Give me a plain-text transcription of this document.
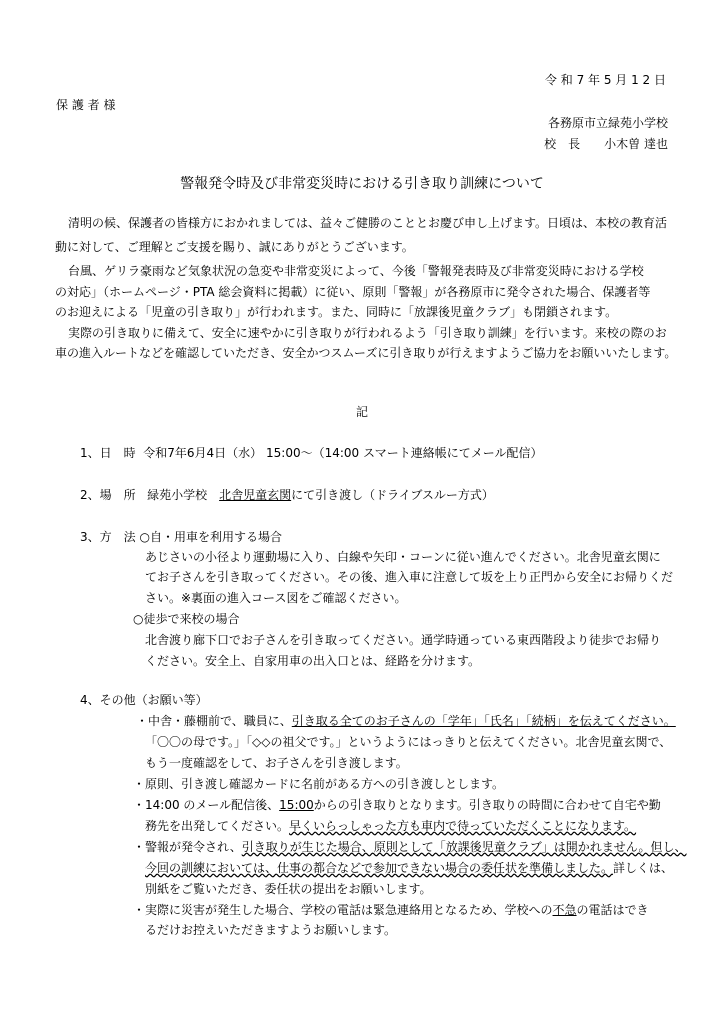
令 和 7 年 5 月 1 2 日
保 護 者 様
各務原市立緑苑小学校
校　長　　小木曽 達也
警報発令時及び非常変災時における引き取り訓練について
清明の候、保護者の皆様方におかれましては、益々ご健勝のこととお慶び申し上げます。日頃は、本校の教育活
動に対して、ご理解とご支援を賜り、誠にありがとうございます。
台風、ゲリラ豪雨など気象状況の急変や非常変災によって、今後「警報発表時及び非常変災時における学校
の対応」（ホームページ・PTA 総会資料に掲載）に従い、原則「警報」が各務原市に発令された場合、保護者等
のお迎えによる「児童の引き取り」が行われます。また、同時に「放課後児童クラブ」も閉鎖されます。
実際の引き取りに備えて、安全に速やかに引き取りが行われるよう「引き取り訓練」を行います。来校の際のお
車の進入ルートなどを確認していただき、安全かつスムーズに引き取りが行えますようご協力をお願いいたします。
記
1、日　時 令和7年6月4日（水） 15:00～（14:00 スマート連絡帳にてメール配信）
2、場　所 緑苑小学校　北舎児童玄関にて引き渡し（ドライブスルー方式）
3、方　法 ○自・用車を利用する場合
あじさいの小径より運動場に入り、白線や矢印・コーンに従い進んでください。北舎児童玄関に
てお子さんを引き取ってください。その後、進入車に注意して坂を上り正門から安全にお帰りくだ
さい。※裏面の進入コース図をご確認ください。
○徒歩で来校の場合
北舎渡り廊下口でお子さんを引き取ってください。通学時通っている東西階段より徒歩でお帰り
ください。安全上、自家用車の出入口とは、経路を分けます。
4、その他（お願い等）
・中舎・藤棚前で、職員に、引き取る全てのお子さんの「学年」「氏名」「続柄」を伝えてください。
「〇〇の母です。」「◇◇の祖父です。」というようにはっきりと伝えてください。北舎児童玄関で、
もう一度確認をして、お子さんを引き渡します。
・原則、引き渡し確認カードに名前がある方への引き渡しとします。
・14:00 のメール配信後、15:00からの引き取りとなります。引き取りの時間に合わせて自宅や勤
務先を出発してください。早くいらっしゃった方も車内で待っていただくことになります。
・警報が発令され、引き取りが生じた場合、原則として「放課後児童クラブ」は開かれません。但し、
今回の訓練においては、仕事の都合などで参加できない場合の委任状を準備しました。詳しくは、
別紙をご覧いただき、委任状の提出をお願いします。
・実際に災害が発生した場合、学校の電話は緊急連絡用となるため、学校への不急の電話はでき
るだけお控えいただきますようお願いします。
